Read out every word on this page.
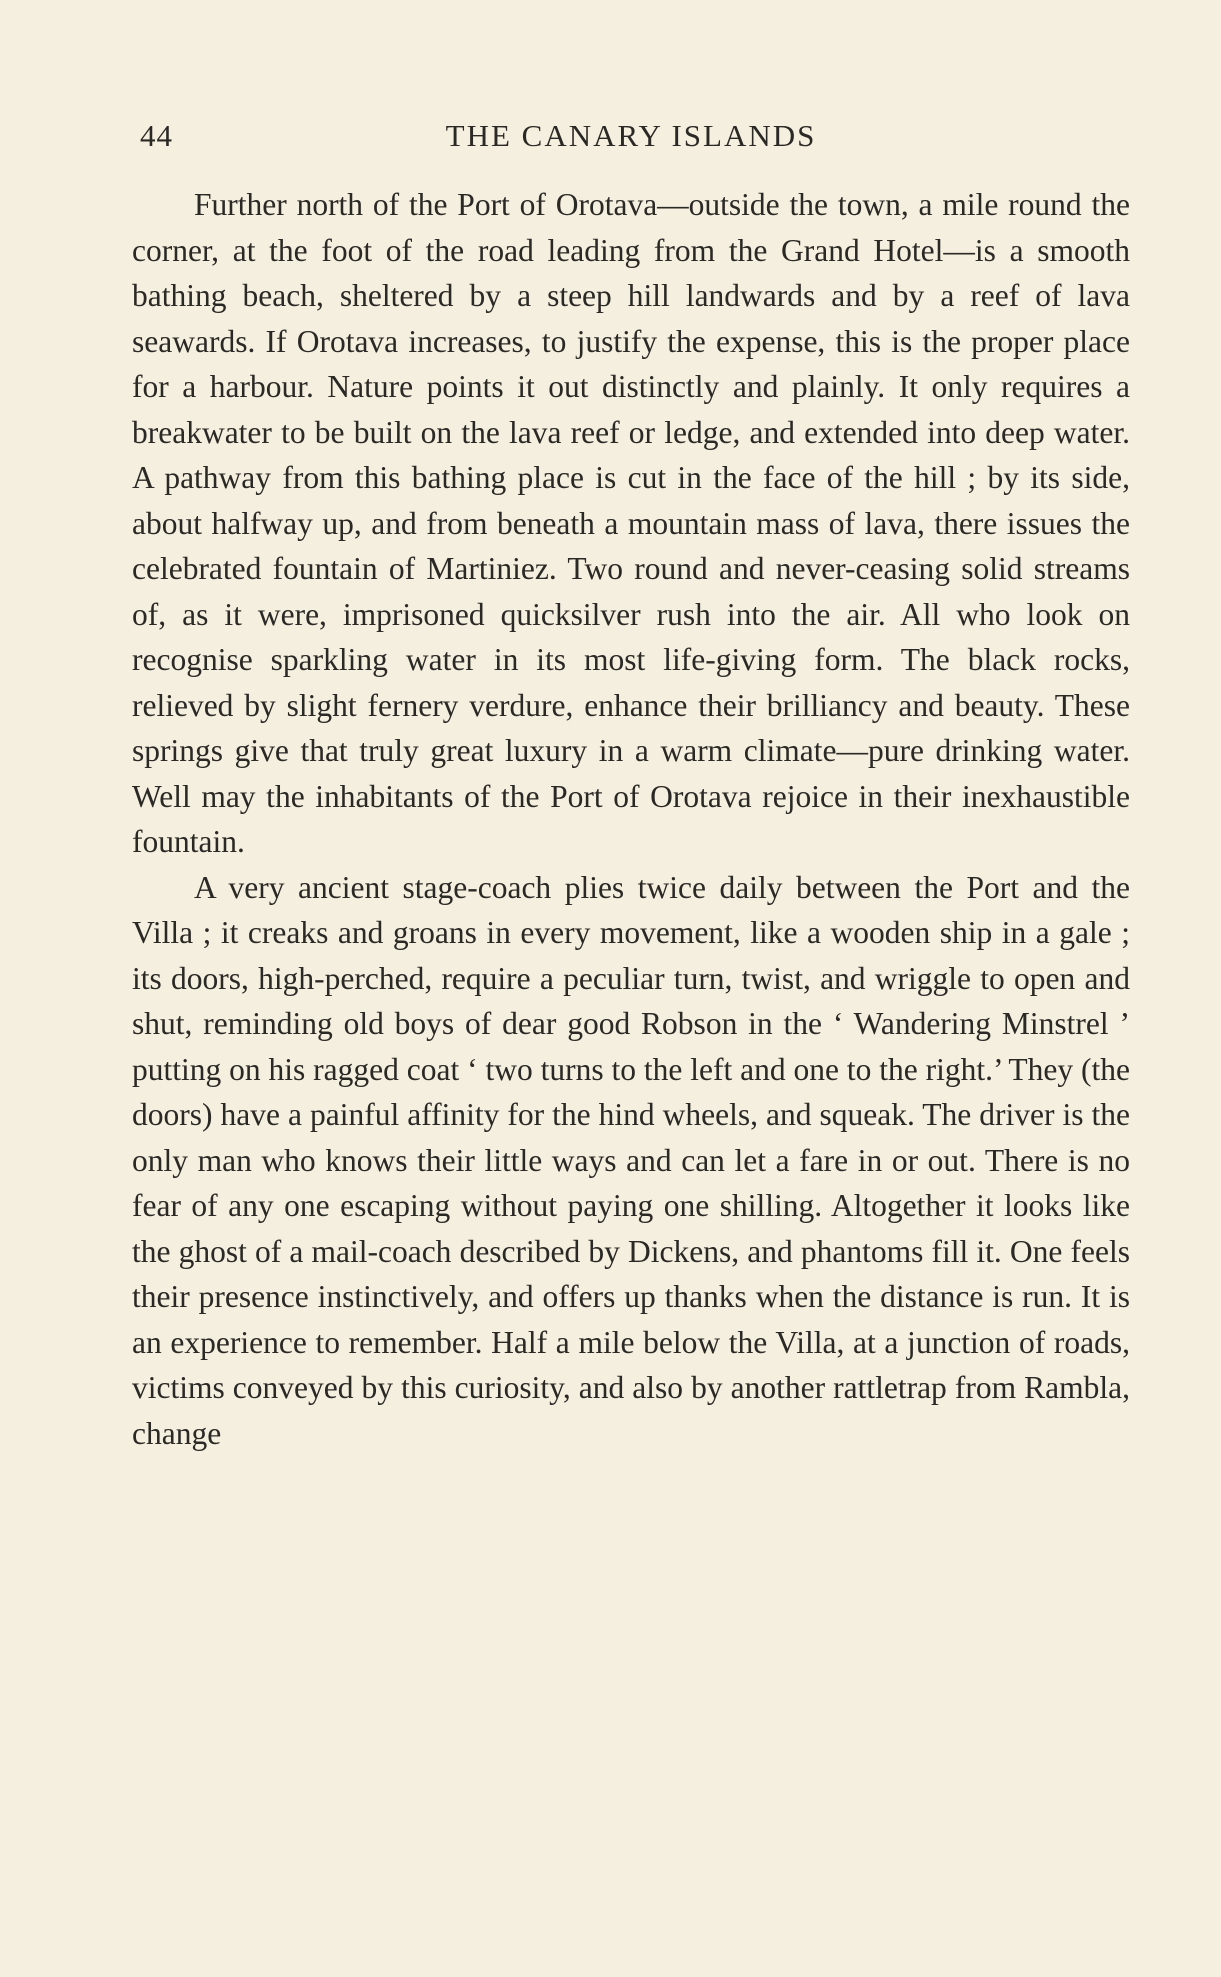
44	THE CANARY ISLANDS

Further north of the Port of Orotava—outside the town, a mile round the corner, at the foot of the road leading from the Grand Hotel—is a smooth bathing beach, sheltered by a steep hill landwards and by a reef of lava seawards. If Orotava increases, to justify the expense, this is the proper place for a harbour. Nature points it out distinctly and plainly. It only requires a breakwater to be built on the lava reef or ledge, and extended into deep water. A pathway from this bathing place is cut in the face of the hill ; by its side, about halfway up, and from beneath a mountain mass of lava, there issues the celebrated fountain of Martiniez. Two round and never-ceasing solid streams of, as it were, imprisoned quicksilver rush into the air. All who look on recognise sparkling water in its most life-giving form. The black rocks, relieved by slight fernery verdure, enhance their brilliancy and beauty. These springs give that truly great luxury in a warm climate—pure drinking water. Well may the inhabitants of the Port of Orotava rejoice in their inexhaustible fountain.

A very ancient stage-coach plies twice daily between the Port and the Villa ; it creaks and groans in every movement, like a wooden ship in a gale ; its doors, high-perched, require a peculiar turn, twist, and wriggle to open and shut, reminding old boys of dear good Robson in the ‘ Wandering Minstrel ’ putting on his ragged coat ‘ two turns to the left and one to the right.’ They (the doors) have a painful affinity for the hind wheels, and squeak. The driver is the only man who knows their little ways and can let a fare in or out. There is no fear of any one escaping without paying one shilling. Altogether it looks like the ghost of a mail-coach described by Dickens, and phantoms fill it. One feels their presence instinctively, and offers up thanks when the distance is run. It is an experience to remember. Half a mile below the Villa, at a junction of roads, victims conveyed by this curiosity, and also by another rattletrap from Rambla, change
